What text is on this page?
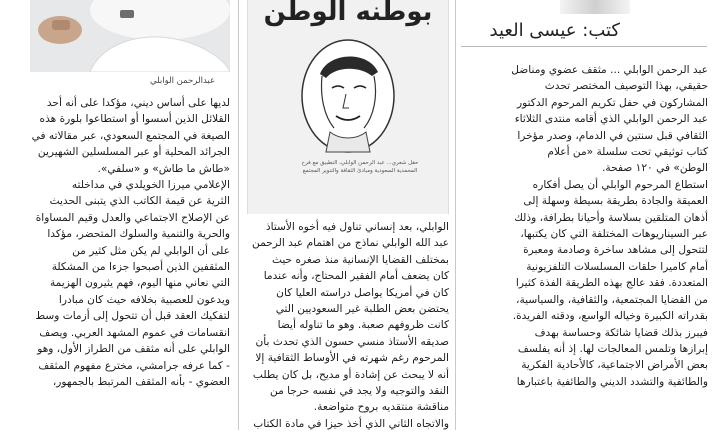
عبدالرحمن الوابلي

لديها على أساس ديني، مؤكدا على أنه أحد

القلائل الذين أسسوا أو استطاعوا بلورة هذه

الصيغة في المجتمع السعودي، عبر مقالاته في

الجرائد المحلية أو عبر المسلسلين الشهيرين

«طاش ما طاش» و «سلفي».

الإعلامي ميرزا الخويلدي في مداخلته

الثرية عن قيمة الكاتب الذي يتبنى الحديث

عن الإصلاح الاجتماعي والعدل وقيم المساواة

والحرية والتنمية والسلوك المتحضر، مؤكدا

على أن الوابلي لم يكن مثل كثير من

المثقفين الذين أصبحوا جزءا من المشكلة

التي نعاني منها اليوم، فهم يثيرون الهزيمة

ويدعون للعصبية بخلافه حيث كان مبادرا

لتفكيك العقد قبل أن تتحول إلى أزمات وسط

انقسامات في عموم المشهد العربي. ويصف

الوابلي على أنه مثقف من الطراز الأول، وهو

- كما عرفه جرامشي، مخترع مفهوم المثقف

العضوي - بأنه المثقف المرتبط بالجمهور،

بوطنه الوطن
حقل شعري... عبد الرحمن الوابلي، التطبيق مع فرح المحمدية السعودية ومبادئ الثقافة والتنوير المجتمع

الوابلي، بعد إنساني تناول فيه أخوه الأستاذ

عبد الله الوابلي نماذج من اهتمام عبد الرحمن

بمختلف القضايا الإنسانية منذ صغره حيث

كان يضعف أمام الفقير المحتاج، وأنه عندما

كان في أمريكا يواصل دراسته العليا كان

يحتضن بعض الطلبة غير السعوديين التي

كانت ظروفهم صعبة. وهو ما تناوله أيضا

صديقه الأستاذ منسي حسون الذي تحدث بأن

المرحوم رغم شهرته في الأوساط الثقافية إلا

أنه لا يبحث عن إشادة أو مديح، بل كان يطلب

النقد والتوجيه ولا يجد في نفسه حرجا من

مناقشة منتقديه بروح متواضعة.

والاتجاه الثاني الذي أخذ حيزا في مادة الكتاب

كتب: عيسى العيد

عبد الرحمن الوابلي ... مثقف عضوي ومناضل

حقيقي، بهذا التوصيف المختصر تحدث

المشاركون في حفل تكريم المرحوم الدكتور

عبد الرحمن الوابلي الذي أقامه منتدى الثلاثاء

الثقافي قبل سنتين في الدمام، وصدر مؤخرا

كتاب توثيقي تحت سلسلة «من أعلام

الوطن» في ١٢٠ صفحة.

استطاع المرحوم الوابلي أن يصل أفكاره

العميقة والجادة بطريقة بسيطة وسهلة إلى

أذهان المتلقين بسلاسة وأحيانا بطرافة، وذلك

عبر السيناريوهات المختلفة التي كان يكتبها،

لتتحول إلى مشاهد ساخرة وصادمة ومعبرة

أمام كاميرا حلقات المسلسلات التلفزيونية

المتعددة. فقد عالج بهذه الطريقة الفذة كثيرا

من القضايا المجتمعية، والثقافية، والسياسية،

بقدراته الكبيرة وخياله الواسع، ودقته الفريدة.

فيبرز بذلك قضايا شائكة وحساسة بهدف

إبرازها وتلمس المعالجات لها. إذ أنه يفلسف

بعض الأمراض الاجتماعية، كالأحادية الفكرية

والطائفية والتشدد الديني والطائفية باعتبارها
